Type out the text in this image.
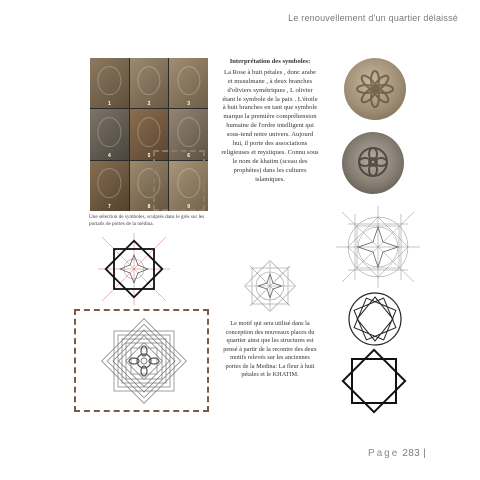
Le renouvellement d'un quartier délaissé
1	2	3
4	5	6
7	8	9
Une sélection de symboles, sculptés dans le grès sur les portails de portes de la médina.
Interprétation des symboles:
La Rose à huit pétales , donc arabe et musulmane , à deux branches d'oliviers symétriques , L olivier étant le symbole de la paix . L'étoile à huit branches en tant que symbole marque la première compréhension humaine de l'ordre intelligent qui sous-tend notre univers. Aujourd hui, il porte des associations religieuses et mystiques. Connu sous le nom de khatim (sceau des prophètes) dans les cultures islamiques.
Le motif qui sera utilisé dans la conception des nouveaux places du quartier ainsi que les structures est pensé à partir de la recontre des deux motifs relevés sur les anciennes portes de la Medina: La fleur à huit pétales et le KHATIM.
Page 283 |
